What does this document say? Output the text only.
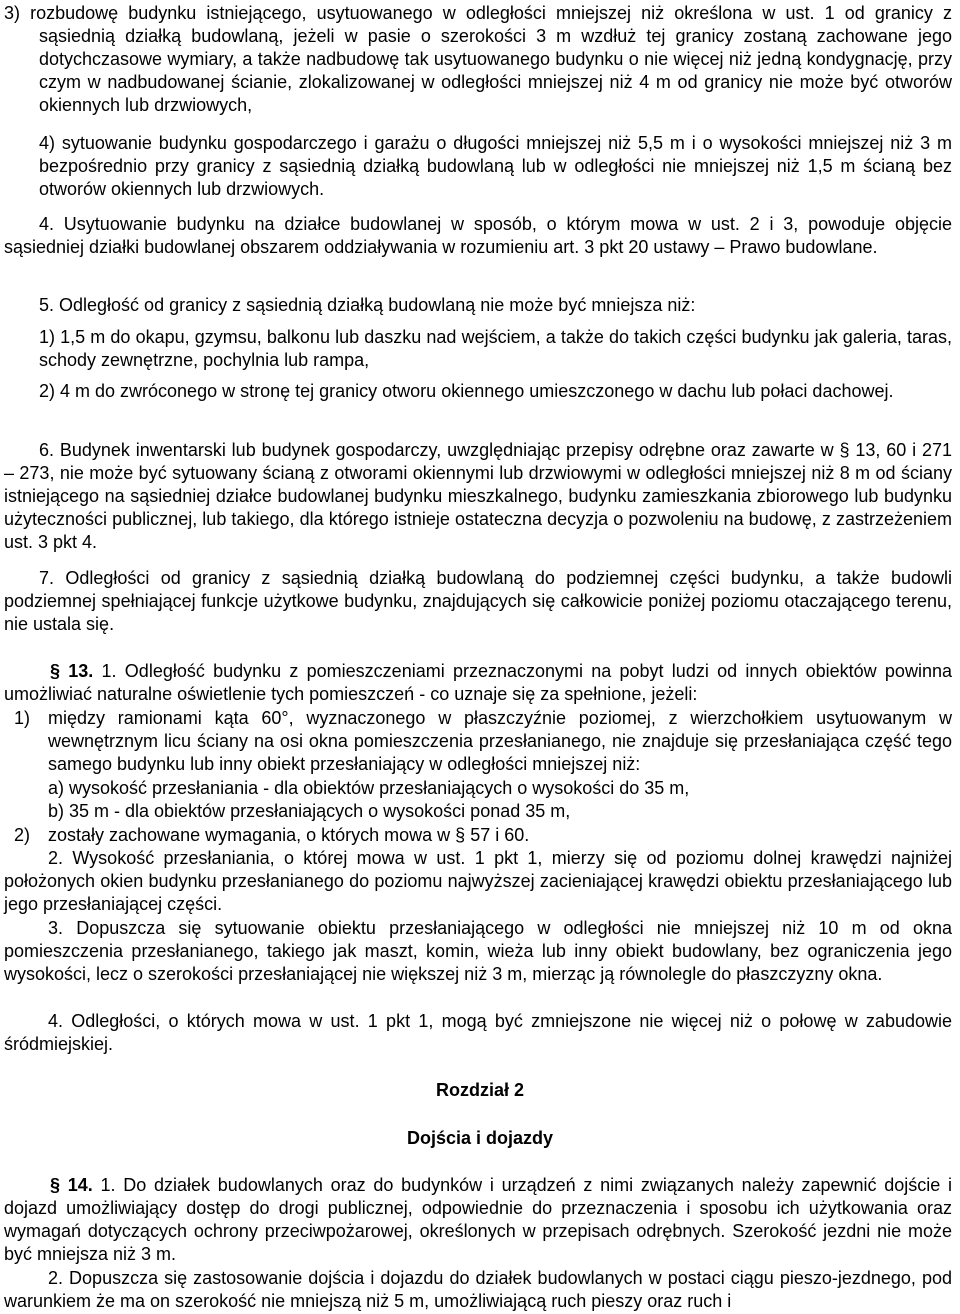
3) rozbudowę budynku istniejącego, usytuowanego w odległości mniejszej niż określona w ust. 1 od granicy z sąsiednią działką budowlaną, jeżeli w pasie o szerokości 3 m wzdłuż tej granicy zostaną zachowane jego dotychczasowe wymiary, a także nadbudowę tak usytuowanego budynku o nie więcej niż jedną kondygnację, przy czym w nadbudowanej ścianie, zlokalizowanej w odległości mniejszej niż 4 m od granicy nie może być otworów okiennych lub drzwiowych,

4) sytuowanie budynku gospodarczego i garażu o długości mniejszej niż 5,5 m i o wysokości mniejszej niż 3 m bezpośrednio przy granicy z sąsiednią działką budowlaną lub w odległości nie mniejszej niż 1,5 m ścianą bez otworów okiennych lub drzwiowych.

4. Usytuowanie budynku na działce budowlanej w sposób, o którym mowa w ust. 2 i 3, powoduje objęcie sąsiedniej działki budowlanej obszarem oddziaływania w rozumieniu art. 3 pkt 20 ustawy – Prawo budowlane.

5. Odległość od granicy z sąsiednią działką budowlaną nie może być mniejsza niż:

1) 1,5 m do okapu, gzymsu, balkonu lub daszku nad wejściem, a także do takich części budynku jak galeria, taras, schody zewnętrzne, pochylnia lub rampa,

2) 4 m do zwróconego w stronę tej granicy otworu okiennego umieszczonego w dachu lub połaci dachowej.

6. Budynek inwentarski lub budynek gospodarczy, uwzględniając przepisy odrębne oraz zawarte w § 13, 60 i 271 – 273, nie może być sytuowany ścianą z otworami okiennymi lub drzwiowymi w odległości mniejszej niż 8 m od ściany istniejącego na sąsiedniej działce budowlanej budynku mieszkalnego, budynku zamieszkania zbiorowego lub budynku użyteczności publicznej, lub takiego, dla którego istnieje ostateczna decyzja o pozwoleniu na budowę, z zastrzeżeniem ust. 3 pkt 4.

7. Odległości od granicy z sąsiednią działką budowlaną do podziemnej części budynku, a także budowli podziemnej spełniającej funkcje użytkowe budynku, znajdujących się całkowicie poniżej poziomu otaczającego terenu, nie ustala się.

§ 13. 1. Odległość budynku z pomieszczeniami przeznaczonymi na pobyt ludzi od innych obiektów powinna umożliwiać naturalne oświetlenie tych pomieszczeń - co uznaje się za spełnione, jeżeli:

1) między ramionami kąta 60°, wyznaczonego w płaszczyźnie poziomej, z wierzchołkiem usytuowanym w wewnętrznym licu ściany na osi okna pomieszczenia przesłanianego, nie znajduje się przesłaniająca część tego samego budynku lub inny obiekt przesłaniający w odległości mniejszej niż:

a) wysokość przesłaniania - dla obiektów przesłaniających o wysokości do 35 m,

b) 35 m - dla obiektów przesłaniających o wysokości ponad 35 m,

2) zostały zachowane wymagania, o których mowa w § 57 i 60.

2. Wysokość przesłaniania, o której mowa w ust. 1 pkt 1, mierzy się od poziomu dolnej krawędzi najniżej położonych okien budynku przesłanianego do poziomu najwyższej zacieniającej krawędzi obiektu przesłaniającego lub jego przesłaniającej części.

3. Dopuszcza się sytuowanie obiektu przesłaniającego w odległości nie mniejszej niż 10 m od okna pomieszczenia przesłanianego, takiego jak maszt, komin, wieża lub inny obiekt budowlany, bez ograniczenia jego wysokości, lecz o szerokości przesłaniającej nie większej niż 3 m, mierząc ją równolegle do płaszczyzny okna.

4. Odległości, o których mowa w ust. 1 pkt 1, mogą być zmniejszone nie więcej niż o połowę w zabudowie śródmiejskiej.

Rozdział 2

Dojścia i dojazdy

§ 14. 1. Do działek budowlanych oraz do budynków i urządzeń z nimi związanych należy zapewnić dojście i dojazd umożliwiający dostęp do drogi publicznej, odpowiednie do przeznaczenia i sposobu ich użytkowania oraz wymagań dotyczących ochrony przeciwpożarowej, określonych w przepisach odrębnych. Szerokość jezdni nie może być mniejsza niż 3 m.

2. Dopuszcza się zastosowanie dojścia i dojazdu do działek budowlanych w postaci ciągu pieszo-jezdnego, pod warunkiem że ma on szerokość nie mniejszą niż 5 m, umożliwiającą ruch pieszy oraz ruch i
